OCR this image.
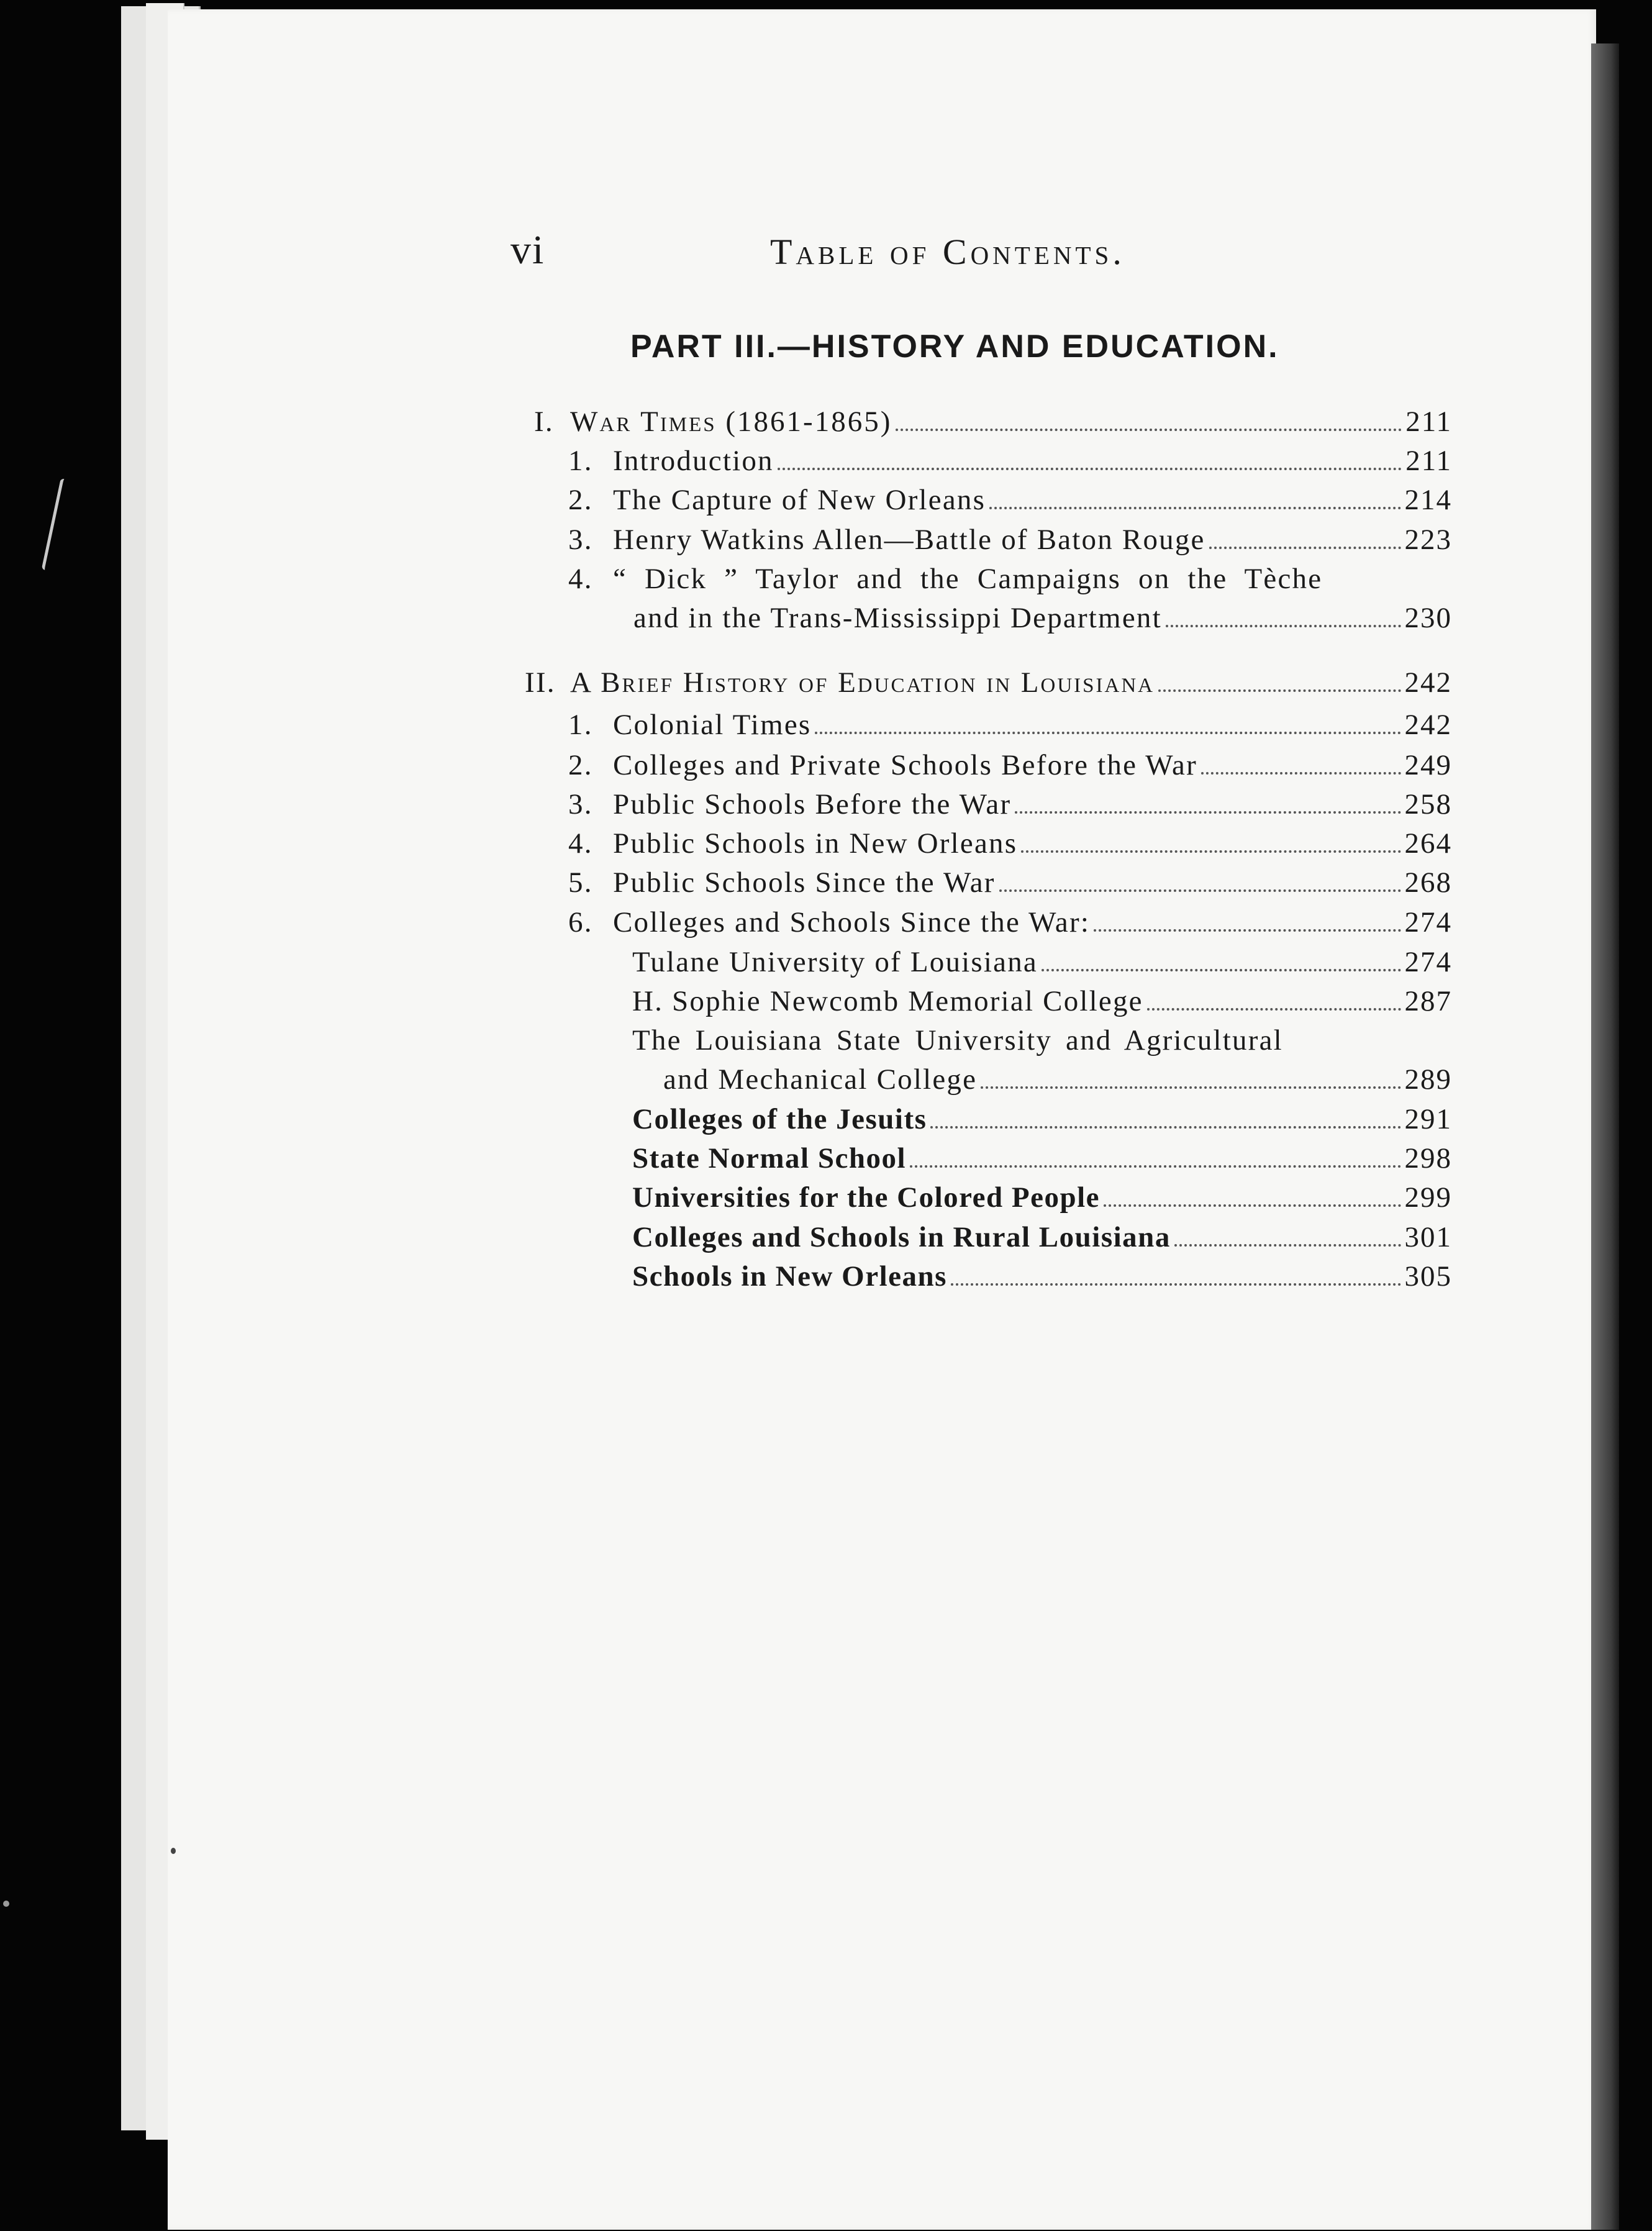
vi	Table of Contents.
PART III.—HISTORY AND EDUCATION.
I. War Times (1861-1865)	211
1. Introduction	211
2. The Capture of New Orleans	214
3. Henry Watkins Allen—Battle of Baton Rouge	223
4. “ Dick ” Taylor and the Campaigns on the Tèche
and in the Trans-Mississippi Department	230
II. A Brief History of Education in Louisiana	242
1. Colonial Times	242
2. Colleges and Private Schools Before the War	249
3. Public Schools Before the War	258
4. Public Schools in New Orleans	264
5. Public Schools Since the War	268
6. Colleges and Schools Since the War:	274
Tulane University of Louisiana	274
H. Sophie Newcomb Memorial College	287
The Louisiana State University and Agricultural
and Mechanical College	289
Colleges of the Jesuits	291
State Normal School	298
Universities for the Colored People	299
Colleges and Schools in Rural Louisiana	301
Schools in New Orleans	305
